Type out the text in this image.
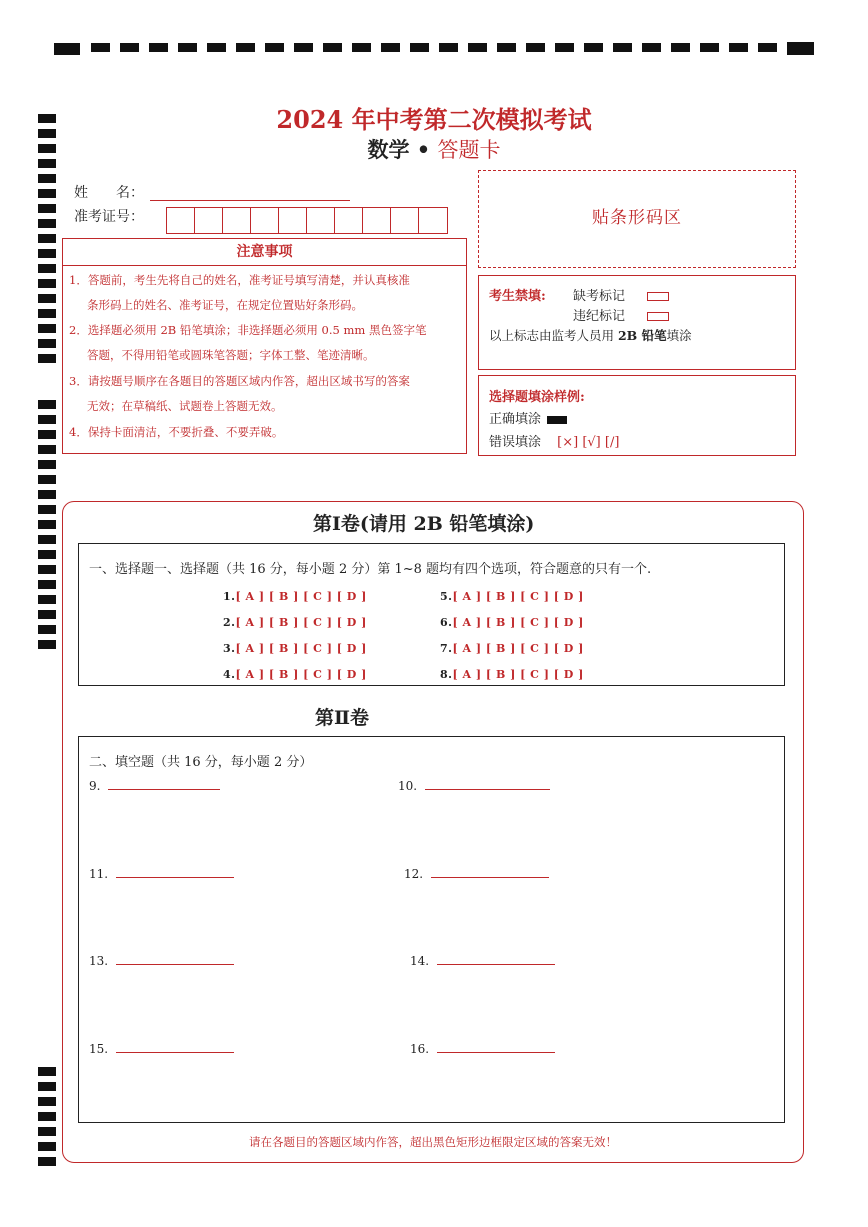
2024 年中考第二次模拟考试
数学 • 答题卡
姓　　名：
准考证号：
注意事项
1．答题前，考生先将自己的姓名，准考证号填写清楚，并认真核准
条形码上的姓名、准考证号，在规定位置贴好条形码。
2．选择题必须用 2B 铅笔填涂；非选择题必须用 0.5 mm 黑色签字笔
答题，不得用铅笔或圆珠笔答题；字体工整、笔迹清晰。
3．请按题号顺序在各题目的答题区域内作答，超出区域书写的答案
无效；在草稿纸、试题卷上答题无效。
4．保持卡面清洁，不要折叠、不要弄破。
贴条形码区
考生禁填: 缺考标记
违纪标记
以上标志由监考人员用 2B 铅笔填涂
选择题填涂样例:
正确填涂
错误填涂 [×] [√] [/]
第Ⅰ卷(请用 2B 铅笔填涂)
一、选择题一、选择题（共 16 分，每小题 2 分）第 1~8 题均有四个选项，符合题意的只有一个.
1.[ A ] [ B ] [ C ] [ D ]
2.[ A ] [ B ] [ C ] [ D ]
3.[ A ] [ B ] [ C ] [ D ]
4.[ A ] [ B ] [ C ] [ D ]
5.[ A ] [ B ] [ C ] [ D ]
6.[ A ] [ B ] [ C ] [ D ]
7.[ A ] [ B ] [ C ] [ D ]
8.[ A ] [ B ] [ C ] [ D ]
第Ⅱ卷
二、填空题（共 16 分，每小题 2 分）
9.	10.
11.	12.
13.	14.
15.	16.
请在各题目的答题区域内作答，超出黑色矩形边框限定区域的答案无效！
